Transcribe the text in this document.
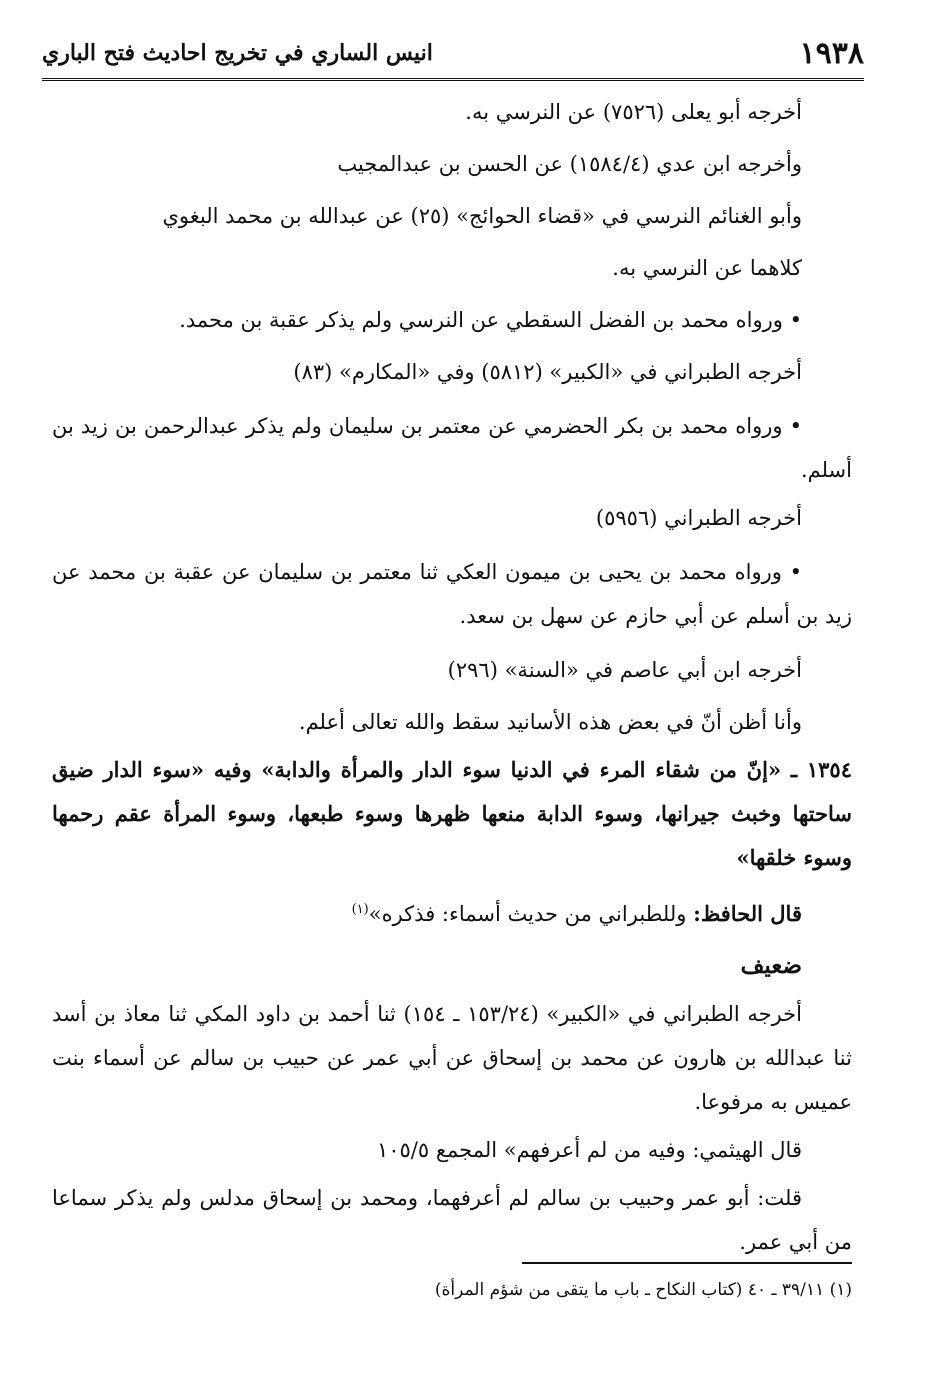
١٩٣٨
انيس الساري في تخريج احاديث فتح الباري
أخرجه أبو يعلى (٧٥٢٦) عن النرسي به.
وأخرجه ابن عدي (١٥٨٤/٤) عن الحسن بن عبدالمجيب
وأبو الغنائم النرسي في «قضاء الحوائج» (٢٥) عن عبدالله بن محمد البغوي
كلاهما عن النرسي به.
• ورواه محمد بن الفضل السقطي عن النرسي ولم يذكر عقبة بن محمد.
أخرجه الطبراني في «الكبير» (٥٨١٢) وفي «المكارم» (٨٣)
• ورواه محمد بن بكر الحضرمي عن معتمر بن سليمان ولم يذكر عبدالرحمن بن زيد بن أسلم.
أخرجه الطبراني (٥٩٥٦)
• ورواه محمد بن يحيى بن ميمون العكي ثنا معتمر بن سليمان عن عقبة بن محمد عن زيد بن أسلم عن أبي حازم عن سهل بن سعد.
أخرجه ابن أبي عاصم في «السنة» (٢٩٦)
وأنا أظن أنّ في بعض هذه الأسانيد سقط والله تعالى أعلم.
١٣٥٤ ـ «إنّ من شقاء المرء في الدنيا سوء الدار والمرأة والدابة» وفيه «سوء الدار ضيق ساحتها وخبث جيرانها، وسوء الدابة منعها ظهرها وسوء طبعها، وسوء المرأة عقم رحمها وسوء خلقها»
قال الحافظ: وللطبراني من حديث أسماء: فذكره»$^{(١)}$
ضعيف
أخرجه الطبراني في «الكبير» (١٥٣/٢٤ ـ ١٥٤) ثنا أحمد بن داود المكي ثنا معاذ بن أسد ثنا عبدالله بن هارون عن محمد بن إسحاق عن أبي عمر عن حبيب بن سالم عن أسماء بنت عميس به مرفوعا.
قال الهيثمي: وفيه من لم أعرفهم» المجمع ١٠٥/٥
قلت: أبو عمر وحبيب بن سالم لم أعرفهما، ومحمد بن إسحاق مدلس ولم يذكر سماعا من أبي عمر.
(١) ٣٩/١١ ـ ٤٠ (كتاب النكاح ـ باب ما يتقى من شؤم المرأة)
